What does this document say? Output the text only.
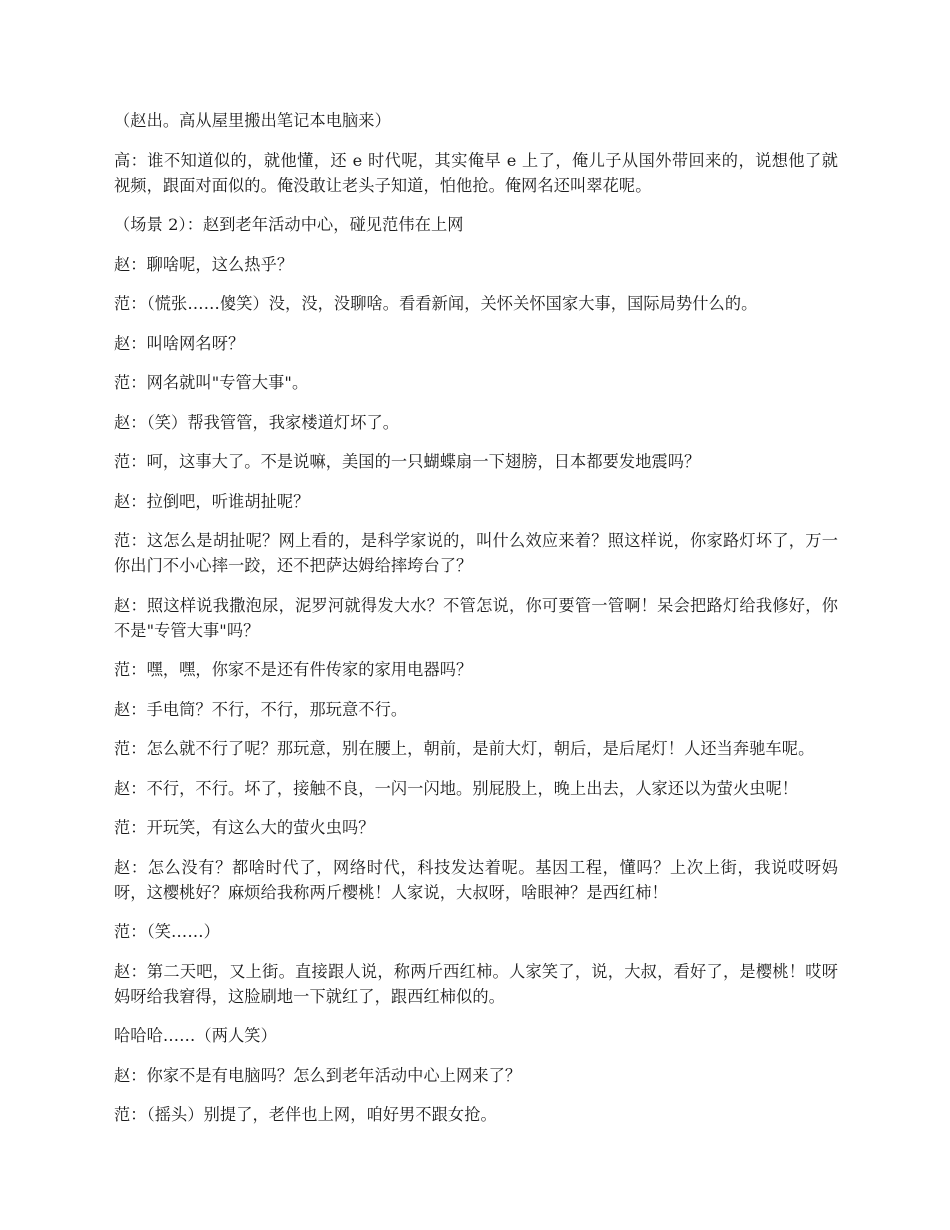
（赵出。高从屋里搬出笔记本电脑来）

高：谁不知道似的，就他懂，还 e 时代呢，其实俺早 e 上了，俺儿子从国外带回来的，说想他了就视频，跟面对面似的。俺没敢让老头子知道，怕他抢。俺网名还叫翠花呢。

（场景 2）：赵到老年活动中心，碰见范伟在上网

赵：聊啥呢，这么热乎？

范：（慌张……傻笑）没，没，没聊啥。看看新闻，关怀关怀国家大事，国际局势什么的。

赵：叫啥网名呀？

范：网名就叫"专管大事"。

赵：（笑）帮我管管，我家楼道灯坏了。

范：呵，这事大了。不是说嘛，美国的一只蝴蝶扇一下翅膀，日本都要发地震吗？

赵：拉倒吧，听谁胡扯呢？

范：这怎么是胡扯呢？网上看的，是科学家说的，叫什么效应来着？照这样说，你家路灯坏了，万一你出门不小心摔一跤，还不把萨达姆给摔垮台了？

赵：照这样说我撒泡尿，泥罗河就得发大水？不管怎说，你可要管一管啊！呆会把路灯给我修好，你不是"专管大事"吗？

范：嘿，嘿，你家不是还有件传家的家用电器吗？

赵：手电筒？不行，不行，那玩意不行。

范：怎么就不行了呢？那玩意，别在腰上，朝前，是前大灯，朝后，是后尾灯！人还当奔驰车呢。

赵：不行，不行。坏了，接触不良，一闪一闪地。别屁股上，晚上出去，人家还以为萤火虫呢！

范：开玩笑，有这么大的萤火虫吗？

赵：怎么没有？都啥时代了，网络时代，科技发达着呢。基因工程，懂吗？上次上街，我说哎呀妈呀，这樱桃好？麻烦给我称两斤樱桃！人家说，大叔呀，啥眼神？是西红柿！

范：（笑……）

赵：第二天吧，又上街。直接跟人说，称两斤西红柿。人家笑了，说，大叔，看好了，是樱桃！哎呀妈呀给我窘得，这脸刷地一下就红了，跟西红柿似的。

哈哈哈……（两人笑）

赵：你家不是有电脑吗？怎么到老年活动中心上网来了？

范：（摇头）别提了，老伴也上网，咱好男不跟女抢。
